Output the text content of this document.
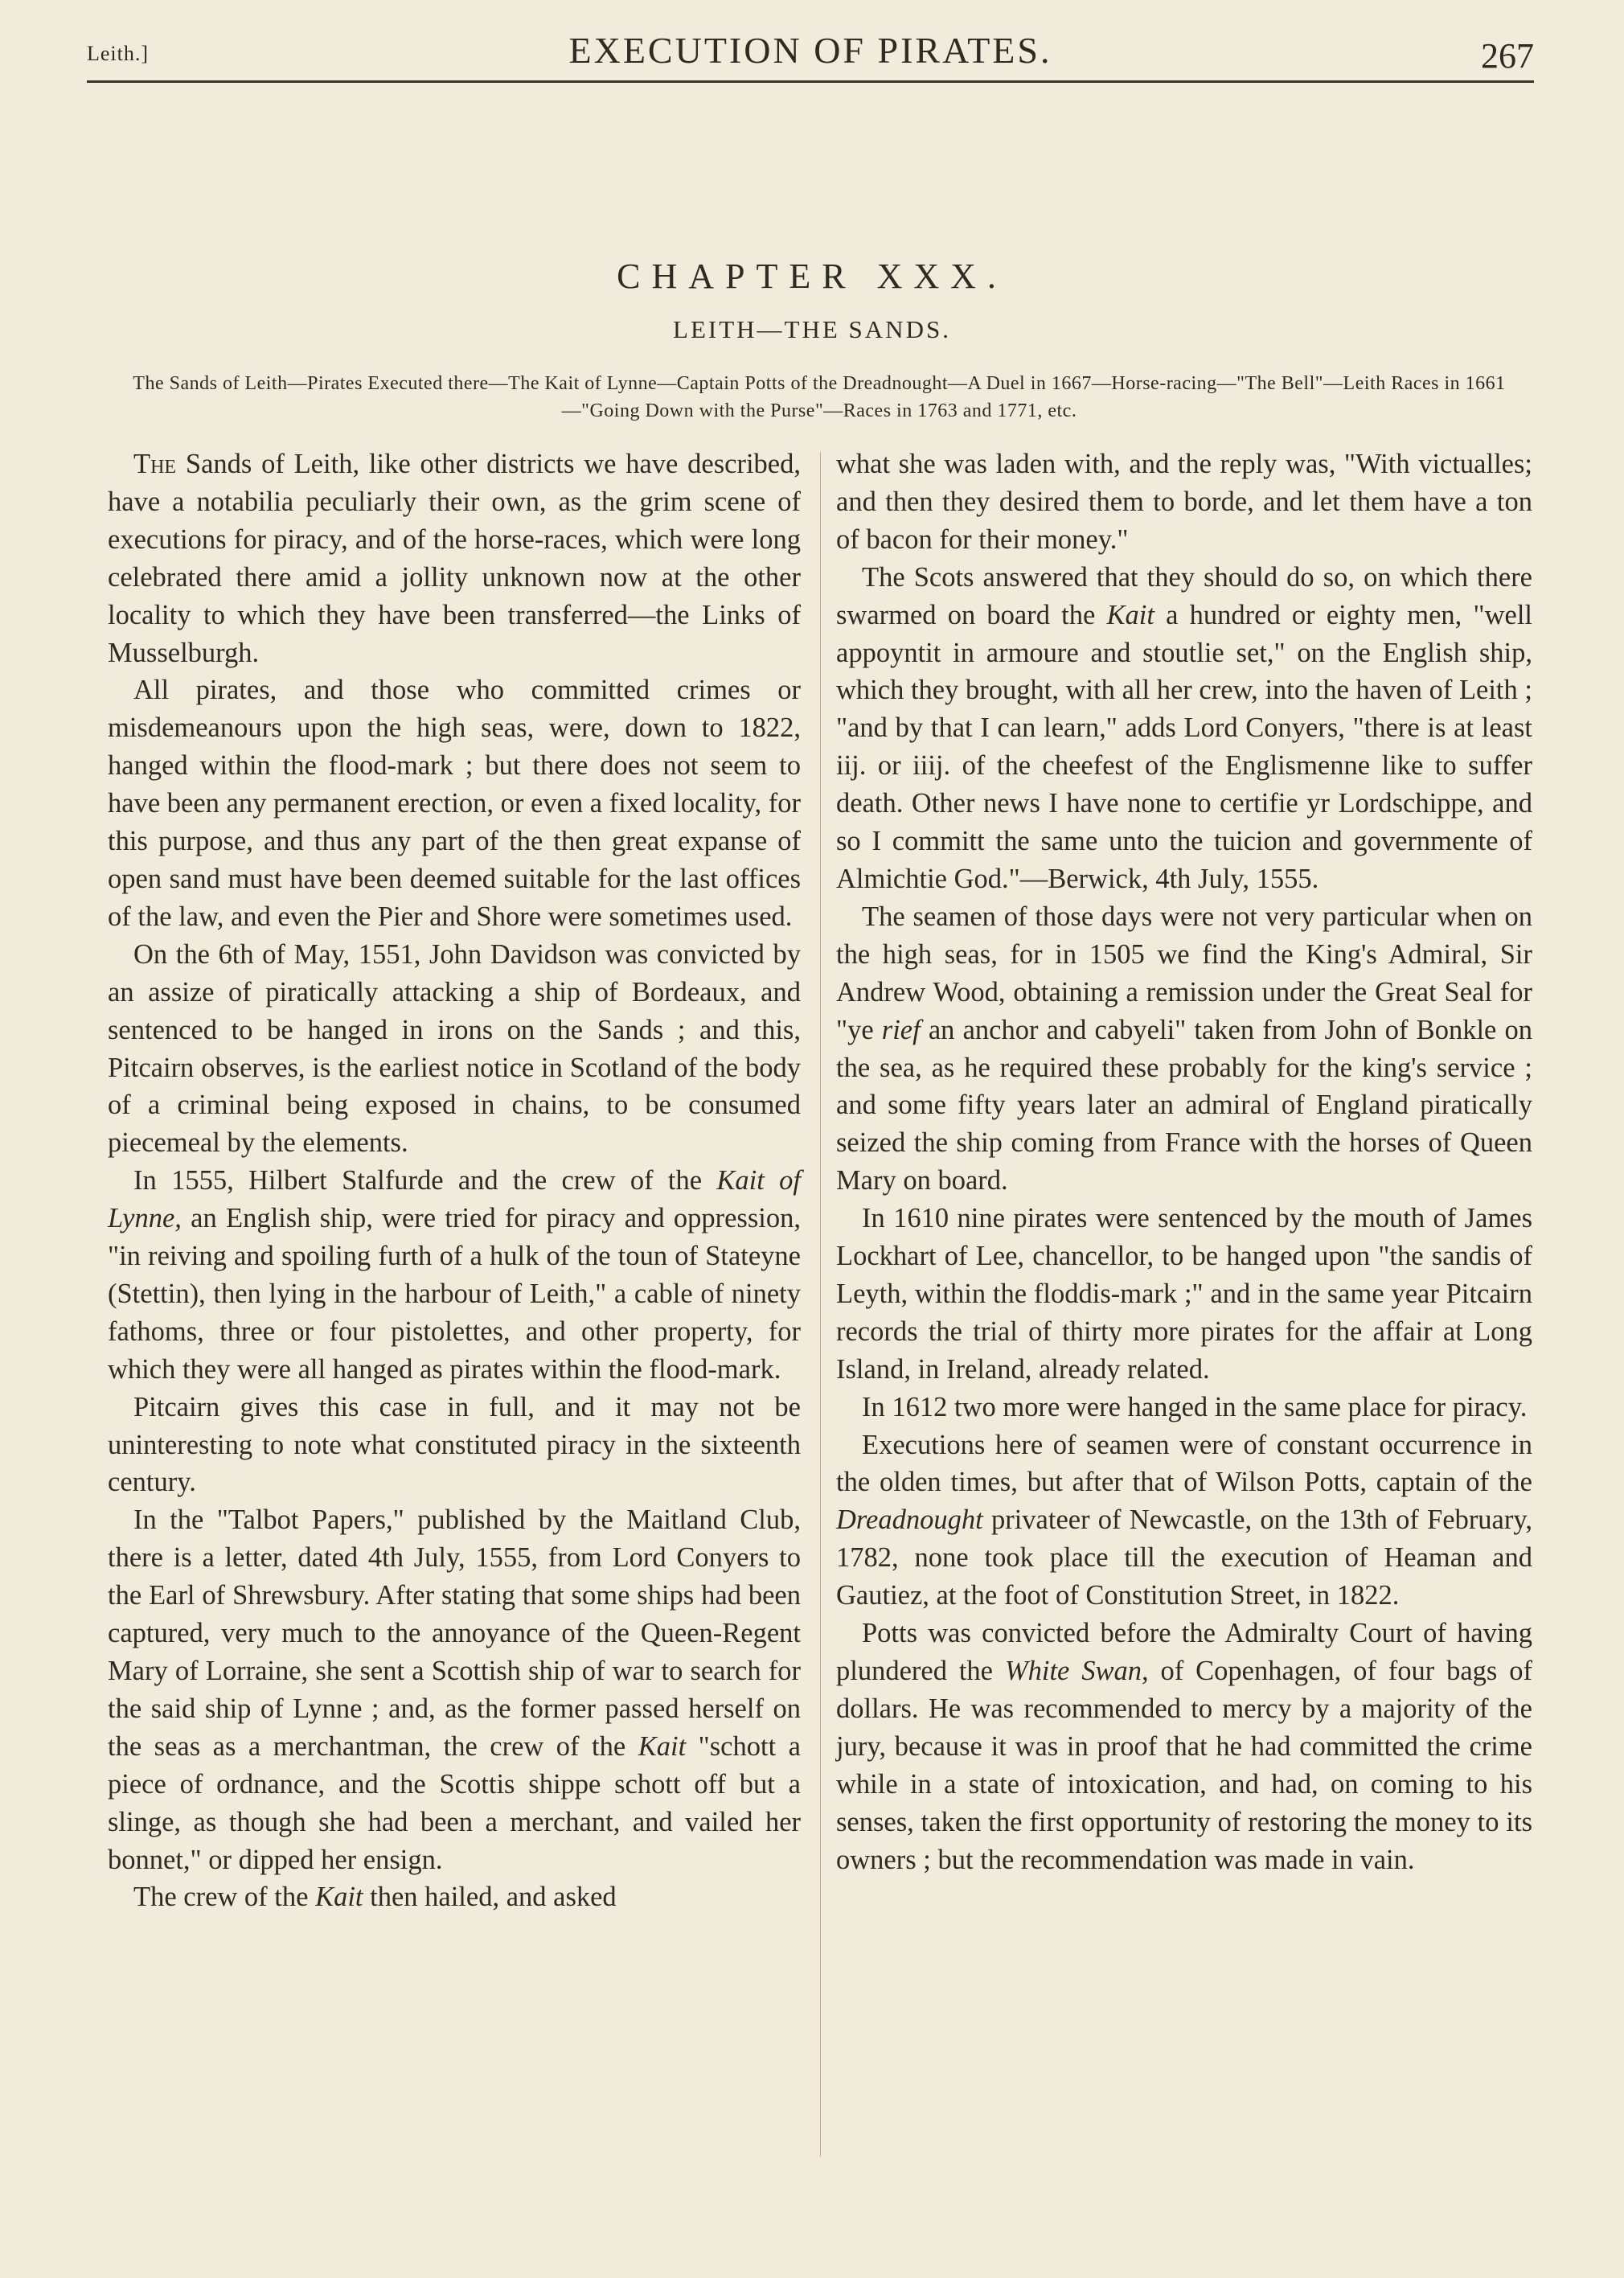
Leith.]	EXECUTION OF PIRATES.	267
CHAPTER XXX.
LEITH—THE SANDS.
The Sands of Leith—Pirates Executed there—The Kait of Lynne—Captain Potts of the Dreadnought—A Duel in 1667—Horse-racing—"The Bell"—Leith Races in 1661—"Going Down with the Purse"—Races in 1763 and 1771, etc.

The Sands of Leith, like other districts we have described, have a notabilia peculiarly their own, as the grim scene of executions for piracy, and of the horse-races, which were long celebrated there amid a jollity unknown now at the other locality to which they have been transferred—the Links of Musselburgh.

All pirates, and those who committed crimes or misdemeanours upon the high seas, were, down to 1822, hanged within the flood-mark ; but there does not seem to have been any permanent erection, or even a fixed locality, for this purpose, and thus any part of the then great expanse of open sand must have been deemed suitable for the last offices of the law, and even the Pier and Shore were sometimes used.

On the 6th of May, 1551, John Davidson was convicted by an assize of piratically attacking a ship of Bordeaux, and sentenced to be hanged in irons on the Sands ; and this, Pitcairn observes, is the earliest notice in Scotland of the body of a criminal being exposed in chains, to be consumed piecemeal by the elements.

In 1555, Hilbert Stalfurde and the crew of the Kait of Lynne, an English ship, were tried for piracy and oppression, "in reiving and spoiling furth of a hulk of the toun of Stateyne (Stettin), then lying in the harbour of Leith," a cable of ninety fathoms, three or four pistolettes, and other property, for which they were all hanged as pirates within the flood-mark.

Pitcairn gives this case in full, and it may not be uninteresting to note what constituted piracy in the sixteenth century.

In the "Talbot Papers," published by the Maitland Club, there is a letter, dated 4th July, 1555, from Lord Conyers to the Earl of Shrewsbury. After stating that some ships had been captured, very much to the annoyance of the Queen-Regent Mary of Lorraine, she sent a Scottish ship of war to search for the said ship of Lynne ; and, as the former passed herself on the seas as a merchantman, the crew of the Kait "schott a piece of ordnance, and the Scottis shippe schott off but a slinge, as though she had been a merchant, and vailed her bonnet," or dipped her ensign.

The crew of the Kait then hailed, and asked

what she was laden with, and the reply was, "With victualles; and then they desired them to borde, and let them have a ton of bacon for their money."

The Scots answered that they should do so, on which there swarmed on board the Kait a hundred or eighty men, "well appoyntit in armoure and stoutlie set," on the English ship, which they brought, with all her crew, into the haven of Leith ; "and by that I can learn," adds Lord Conyers, "there is at least iij. or iiij. of the cheefest of the Englismenne like to suffer death. Other news I have none to certifie yr Lordschippe, and so I committ the same unto the tuicion and governmente of Almichtie God."—Berwick, 4th July, 1555.

The seamen of those days were not very particular when on the high seas, for in 1505 we find the King's Admiral, Sir Andrew Wood, obtaining a remission under the Great Seal for "ye rief an anchor and cabyeli" taken from John of Bonkle on the sea, as he required these probably for the king's service ; and some fifty years later an admiral of England piratically seized the ship coming from France with the horses of Queen Mary on board.

In 1610 nine pirates were sentenced by the mouth of James Lockhart of Lee, chancellor, to be hanged upon "the sandis of Leyth, within the floddis-mark ;" and in the same year Pitcairn records the trial of thirty more pirates for the affair at Long Island, in Ireland, already related.

In 1612 two more were hanged in the same place for piracy.

Executions here of seamen were of constant occurrence in the olden times, but after that of Wilson Potts, captain of the Dreadnought privateer of Newcastle, on the 13th of February, 1782, none took place till the execution of Heaman and Gautiez, at the foot of Constitution Street, in 1822.

Potts was convicted before the Admiralty Court of having plundered the White Swan, of Copenhagen, of four bags of dollars. He was recommended to mercy by a majority of the jury, because it was in proof that he had committed the crime while in a state of intoxication, and had, on coming to his senses, taken the first opportunity of restoring the money to its owners ; but the recommendation was made in vain.
